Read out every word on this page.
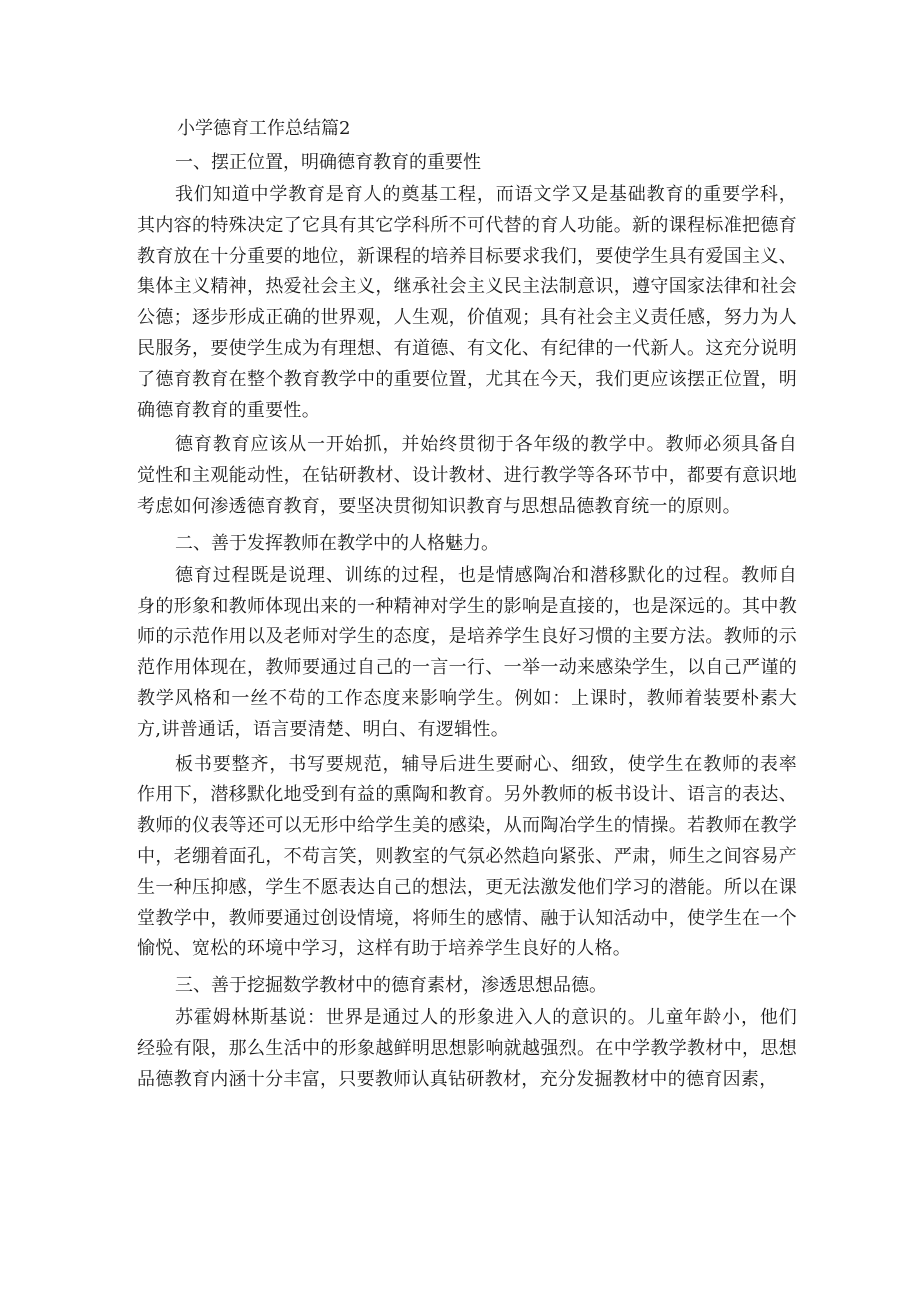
小学德育工作总结篇2
一、摆正位置，明确德育教育的重要性

我们知道中学教育是育人的奠基工程，而语文学又是基础教育的重要学科，其内容的特殊决定了它具有其它学科所不可代替的育人功能。新的课程标准把德育教育放在十分重要的地位，新课程的培养目标要求我们，要使学生具有爱国主义、集体主义精神，热爱社会主义，继承社会主义民主法制意识，遵守国家法律和社会公德；逐步形成正确的世界观，人生观，价值观；具有社会主义责任感，努力为人民服务，要使学生成为有理想、有道德、有文化、有纪律的一代新人。这充分说明了德育教育在整个教育教学中的重要位置，尤其在今天，我们更应该摆正位置，明确德育教育的重要性。

德育教育应该从一开始抓，并始终贯彻于各年级的教学中。教师必须具备自觉性和主观能动性，在钻研教材、设计教材、进行教学等各环节中，都要有意识地考虑如何渗透德育教育，要坚决贯彻知识教育与思想品德教育统一的原则。

二、善于发挥教师在教学中的人格魅力。

德育过程既是说理、训练的过程，也是情感陶冶和潜移默化的过程。教师自身的形象和教师体现出来的一种精神对学生的影响是直接的，也是深远的。其中教师的示范作用以及老师对学生的态度，是培养学生良好习惯的主要方法。教师的示范作用体现在，教师要通过自己的一言一行、一举一动来感染学生，以自己严谨的教学风格和一丝不苟的工作态度来影响学生。例如：上课时，教师着装要朴素大方,讲普通话，语言要清楚、明白、有逻辑性。

板书要整齐，书写要规范，辅导后进生要耐心、细致，使学生在教师的表率作用下，潜移默化地受到有益的熏陶和教育。另外教师的板书设计、语言的表达、教师的仪表等还可以无形中给学生美的感染，从而陶冶学生的情操。若教师在教学中，老绷着面孔，不苟言笑，则教室的气氛必然趋向紧张、严肃，师生之间容易产生一种压抑感，学生不愿表达自己的想法，更无法激发他们学习的潜能。所以在课堂教学中，教师要通过创设情境，将师生的感情、融于认知活动中，使学生在一个愉悦、宽松的环境中学习，这样有助于培养学生良好的人格。

三、善于挖掘数学教材中的德育素材，渗透思想品德。

苏霍姆林斯基说：世界是通过人的形象进入人的意识的。儿童年龄小，他们经验有限，那么生活中的形象越鲜明思想影响就越强烈。在中学教学教材中，思想品德教育内涵十分丰富，只要教师认真钻研教材，充分发掘教材中的德育因素，
